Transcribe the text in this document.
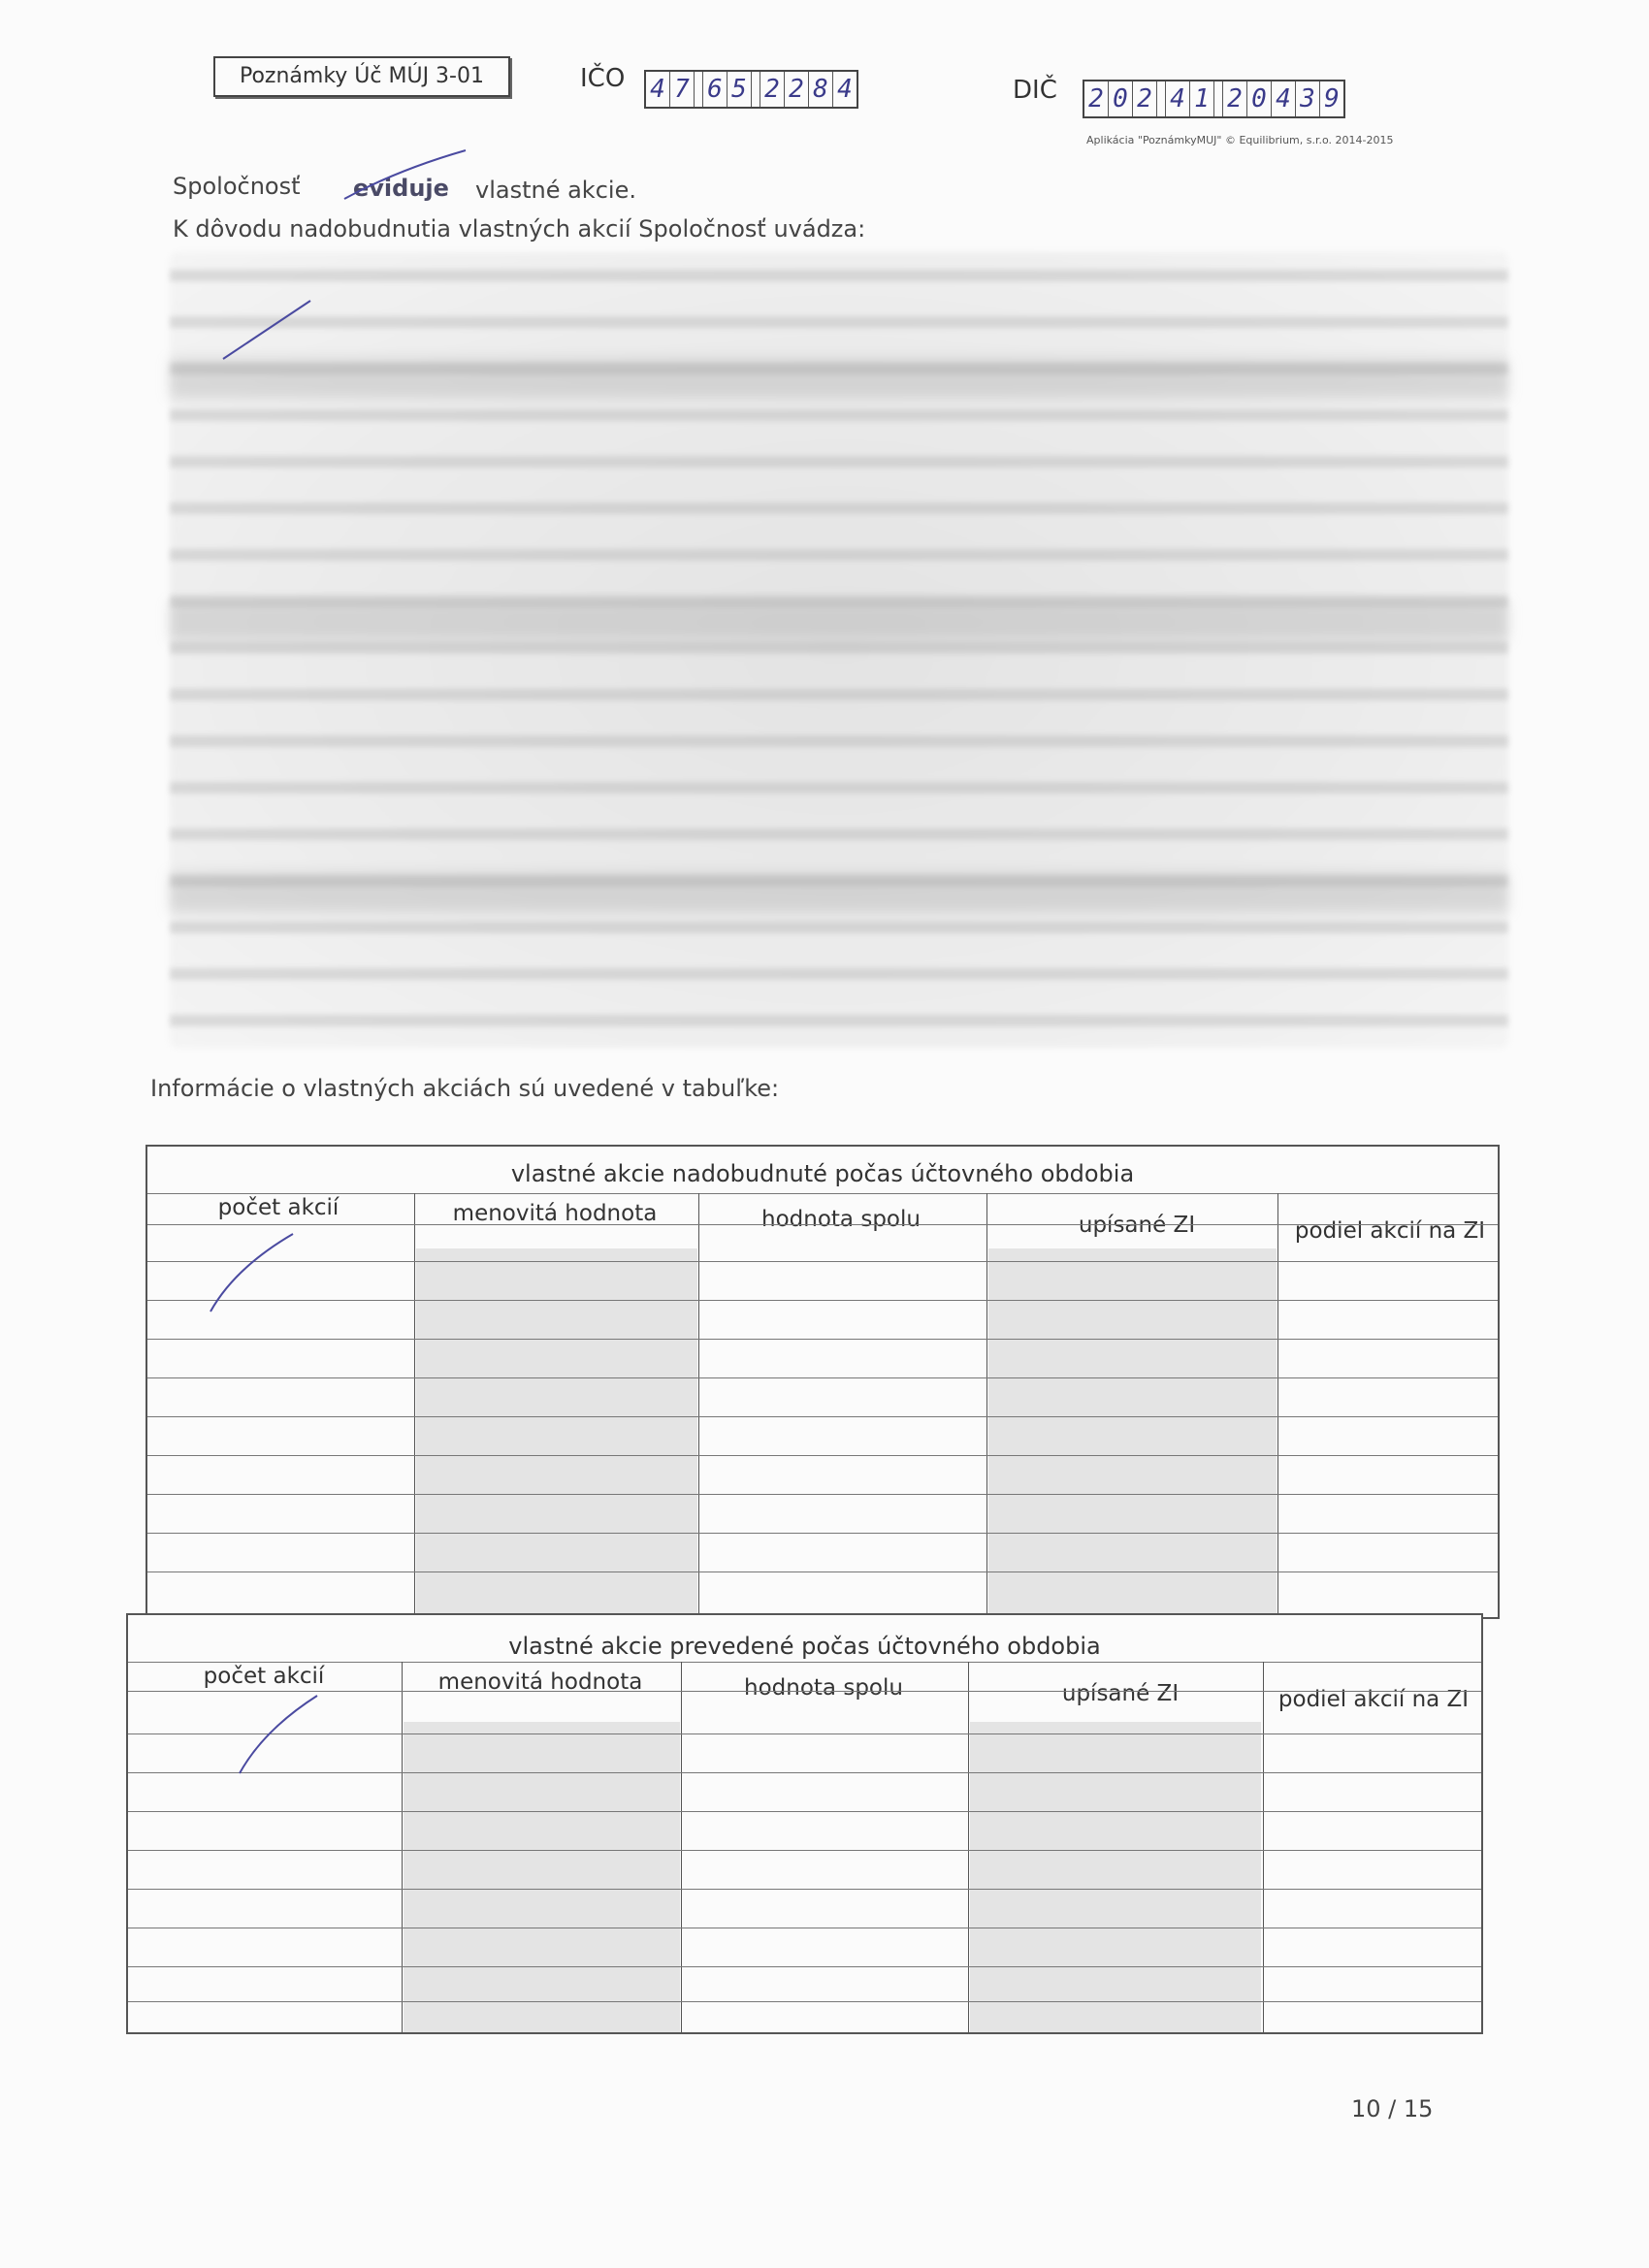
Poznámky Úč MÚJ 3-01	IČO 4 7 6 5 2 2 8 4	DIČ 2 0 2 4 1 2 0 4 3 9
Aplikácia "PoznámkyMUJ" © Equilibrium, s.r.o. 2014-2015
Spoločnosť eviduje vlastné akcie.
K dôvodu nadobudnutia vlastných akcií Spoločnosť uvádza:
Informácie o vlastných akciách sú uvedené v tabuľke:
vlastné akcie nadobudnuté počas účtovného obdobia
počet akcií	menovitá hodnota	hodnota spolu	upísané ZI	podiel akcií na ZI
vlastné akcie prevedené počas účtovného obdobia
počet akcií	menovitá hodnota	hodnota spolu	upísané ZI	podiel akcií na ZI
10 / 15
